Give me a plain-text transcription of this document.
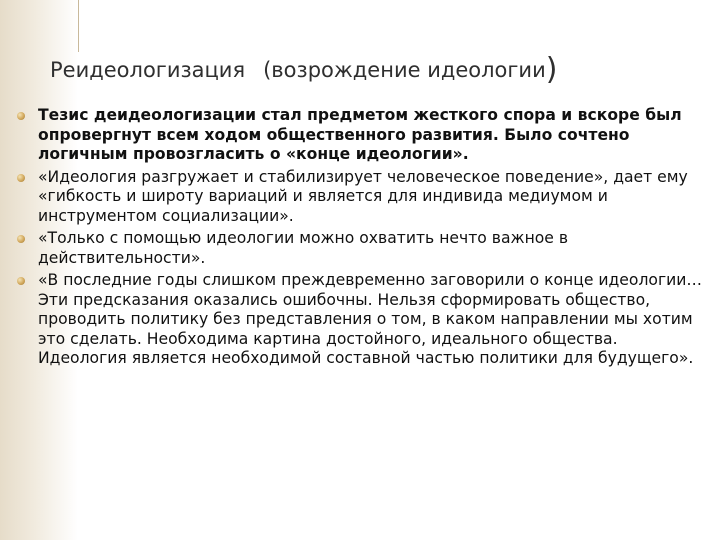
Реидеологизация (возрождение идеологии)
Тезис деидеологизации стал предметом жесткого спора и вскоре был опровергнут всем ходом общественного развития. Было сочтено логичным провозгласить о «конце идеологии».
«Идеология разгружает и стабилизирует человеческое поведение», дает ему «гибкость и широту вариаций и является для индивида медиумом и инструментом социализации».
«Только с помощью идеологии можно охватить нечто важное в действительности».
«В последние годы слишком преждевременно заговорили о конце идеологии… Эти предсказания оказались ошибочны. Нельзя сформировать общество, проводить политику без представления о том, в каком направлении мы хотим это сделать. Необходима картина достойного, идеального общества. Идеология является необходимой составной частью политики для будущего».
